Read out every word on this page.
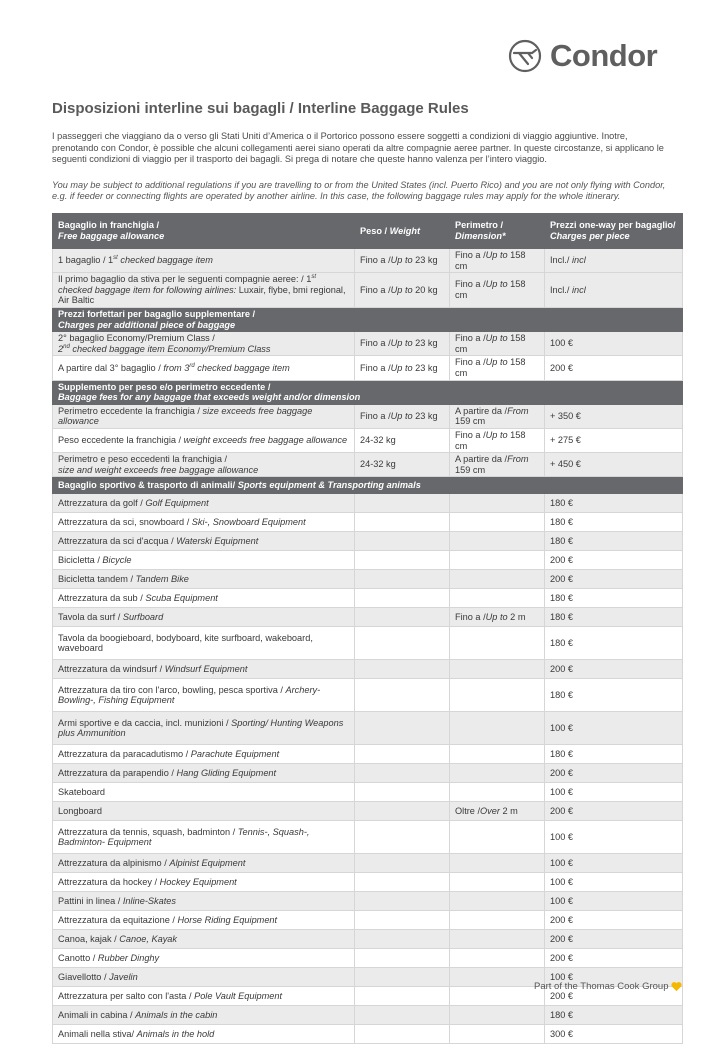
Condor
Disposizioni interline sui bagagli / Interline Baggage Rules

I passeggeri che viaggiano da o verso gli Stati Uniti d’America o il Portorico possono essere soggetti a condizioni di viaggio aggiuntive. Inotre, prenotando con Condor, è possible che alcuni collegamenti aerei siano operati da altre compagnie aeree partner. In queste circostanze, si applicano le seguenti condizioni di viaggio per il trasporto dei bagagli. Si prega di notare che queste hanno valenza per l’intero viaggio.

You may be subject to additional regulations if you are travelling to or from the United States (incl. Puerto Rico) and you are not only flying with Condor, e.g. if feeder or connecting flights are operated by another airline. In this case, the following baggage rules may apply for the whole itinerary.

Bagaglio in franchigia /
Free baggage allowance	Peso / Weight	Perimetro /
Dimension*	Prezzi one-way per bagaglio/ Charges per piece
1 bagaglio / 1st checked baggage item	Fino a /Up to 23 kg	Fino a /Up to 158 cm	Incl./ incl
Il primo bagaglio da stiva per le seguenti compagnie aeree: / 1st checked baggage item for following airlines: Luxair, flybe, bmi regional, Air Baltic	Fino a /Up to 20 kg	Fino a /Up to 158 cm	Incl./ incl
Prezzi forfettari per bagaglio supplementare /
Charges per additional piece of baggage			
2° bagaglio Economy/Premium Class /
2nd checked baggage item Economy/Premium Class	Fino a /Up to 23 kg	Fino a /Up to 158 cm	100 €
A partire dal 3° bagaglio / from 3rd checked baggage item	Fino a /Up to 23 kg	Fino a /Up to 158 cm	200 €
Supplemento per peso e/o perimetro eccedente /
Baggage fees for any baggage that exceeds weight and/or dimension			
Perimetro eccedente la franchigia / size exceeds free baggage allowance	Fino a /Up to 23 kg	A partire da /From 159 cm	+ 350 €
Peso eccedente la franchigia / weight exceeds free baggage allowance	24-32 kg	Fino a /Up to 158 cm	+ 275 €
Perimetro e peso eccedenti la franchigia /
size and weight exceeds free baggage allowance	24-32 kg	A partire da /From 159 cm	+ 450 €
Bagaglio sportivo & trasporto di animali/ Sports equipment & Transporting animals			
Attrezzatura da golf / Golf Equipment			180 €
Attrezzatura da sci, snowboard / Ski-, Snowboard Equipment			180 €
Attrezzatura da sci d'acqua / Waterski Equipment			180 €
Bicicletta / Bicycle			200 €
Bicicletta tandem / Tandem Bike			200 €
Attrezzatura da sub / Scuba Equipment			180 €
Tavola da surf / Surfboard		Fino a /Up to 2 m	180 €
Tavola da boogieboard, bodyboard, kite surfboard, wakeboard, waveboard			180 €
Attrezzatura da windsurf / Windsurf Equipment			200 €
Attrezzatura da tiro con l'arco, bowling, pesca sportiva / Archery-Bowling-, Fishing Equipment			180 €
Armi sportive e da caccia, incl. munizioni / Sporting/ Hunting Weapons plus Ammunition			100 €
Attrezzatura da paracadutismo / Parachute Equipment			180 €
Attrezzatura da parapendio / Hang Gliding Equipment			200 €
Skateboard			100 €
Longboard		Oltre /Over 2 m	200 €
Attrezzatura da tennis, squash, badminton / Tennis-, Squash-, Badminton- Equipment			100 €
Attrezzatura da alpinismo / Alpinist Equipment			100 €
Attrezzatura da hockey / Hockey Equipment			100 €
Pattini in linea / Inline-Skates			100 €
Attrezzatura da equitazione / Horse Riding Equipment			200 €
Canoa, kajak / Canoe, Kayak			200 €
Canotto / Rubber Dinghy			200 €
Giavellotto / Javelin			100 €
Attrezzatura per salto con l'asta / Pole Vault Equipment			200 €
Animali in cabina / Animals in the cabin			180 €
Animali nella stiva/ Animals in the hold			300 €
Part of the Thomas Cook Group
